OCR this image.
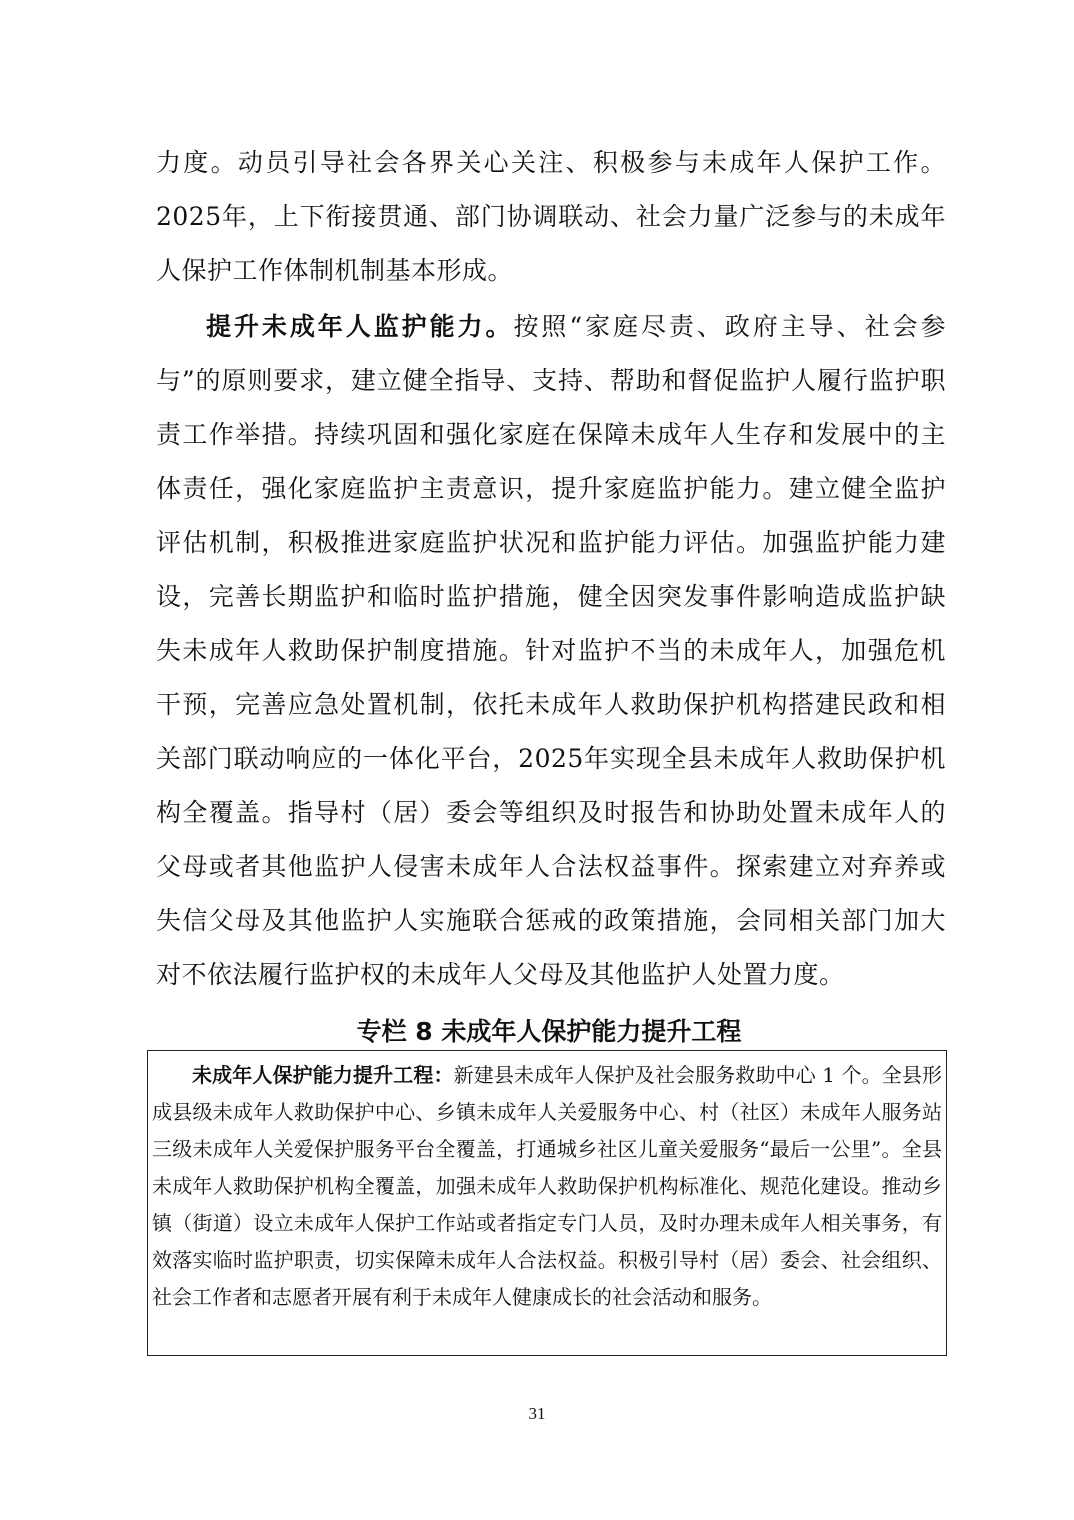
力度。动员引导社会各界关心关注、积极参与未成年人保护工作。2025年，上下衔接贯通、部门协调联动、社会力量广泛参与的未成年人保护工作体制机制基本形成。

提升未成年人监护能力。按照“家庭尽责、政府主导、社会参与”的原则要求，建立健全指导、支持、帮助和督促监护人履行监护职责工作举措。持续巩固和强化家庭在保障未成年人生存和发展中的主体责任，强化家庭监护主责意识，提升家庭监护能力。建立健全监护评估机制，积极推进家庭监护状况和监护能力评估。加强监护能力建设，完善长期监护和临时监护措施，健全因突发事件影响造成监护缺失未成年人救助保护制度措施。针对监护不当的未成年人，加强危机干预，完善应急处置机制，依托未成年人救助保护机构搭建民政和相关部门联动响应的一体化平台，2025年实现全县未成年人救助保护机构全覆盖。指导村（居）委会等组织及时报告和协助处置未成年人的父母或者其他监护人侵害未成年人合法权益事件。探索建立对弃养或失信父母及其他监护人实施联合惩戒的政策措施，会同相关部门加大对不依法履行监护权的未成年人父母及其他监护人处置力度。

专栏 8 未成年人保护能力提升工程

未成年人保护能力提升工程：新建县未成年人保护及社会服务救助中心 1 个。全县形成县级未成年人救助保护中心、乡镇未成年人关爱服务中心、村（社区）未成年人服务站三级未成年人关爱保护服务平台全覆盖，打通城乡社区儿童关爱服务“最后一公里”。全县未成年人救助保护机构全覆盖，加强未成年人救助保护机构标准化、规范化建设。推动乡镇（街道）设立未成年人保护工作站或者指定专门人员，及时办理未成年人相关事务，有效落实临时监护职责，切实保障未成年人合法权益。积极引导村（居）委会、社会组织、社会工作者和志愿者开展有利于未成年人健康成长的社会活动和服务。

31
